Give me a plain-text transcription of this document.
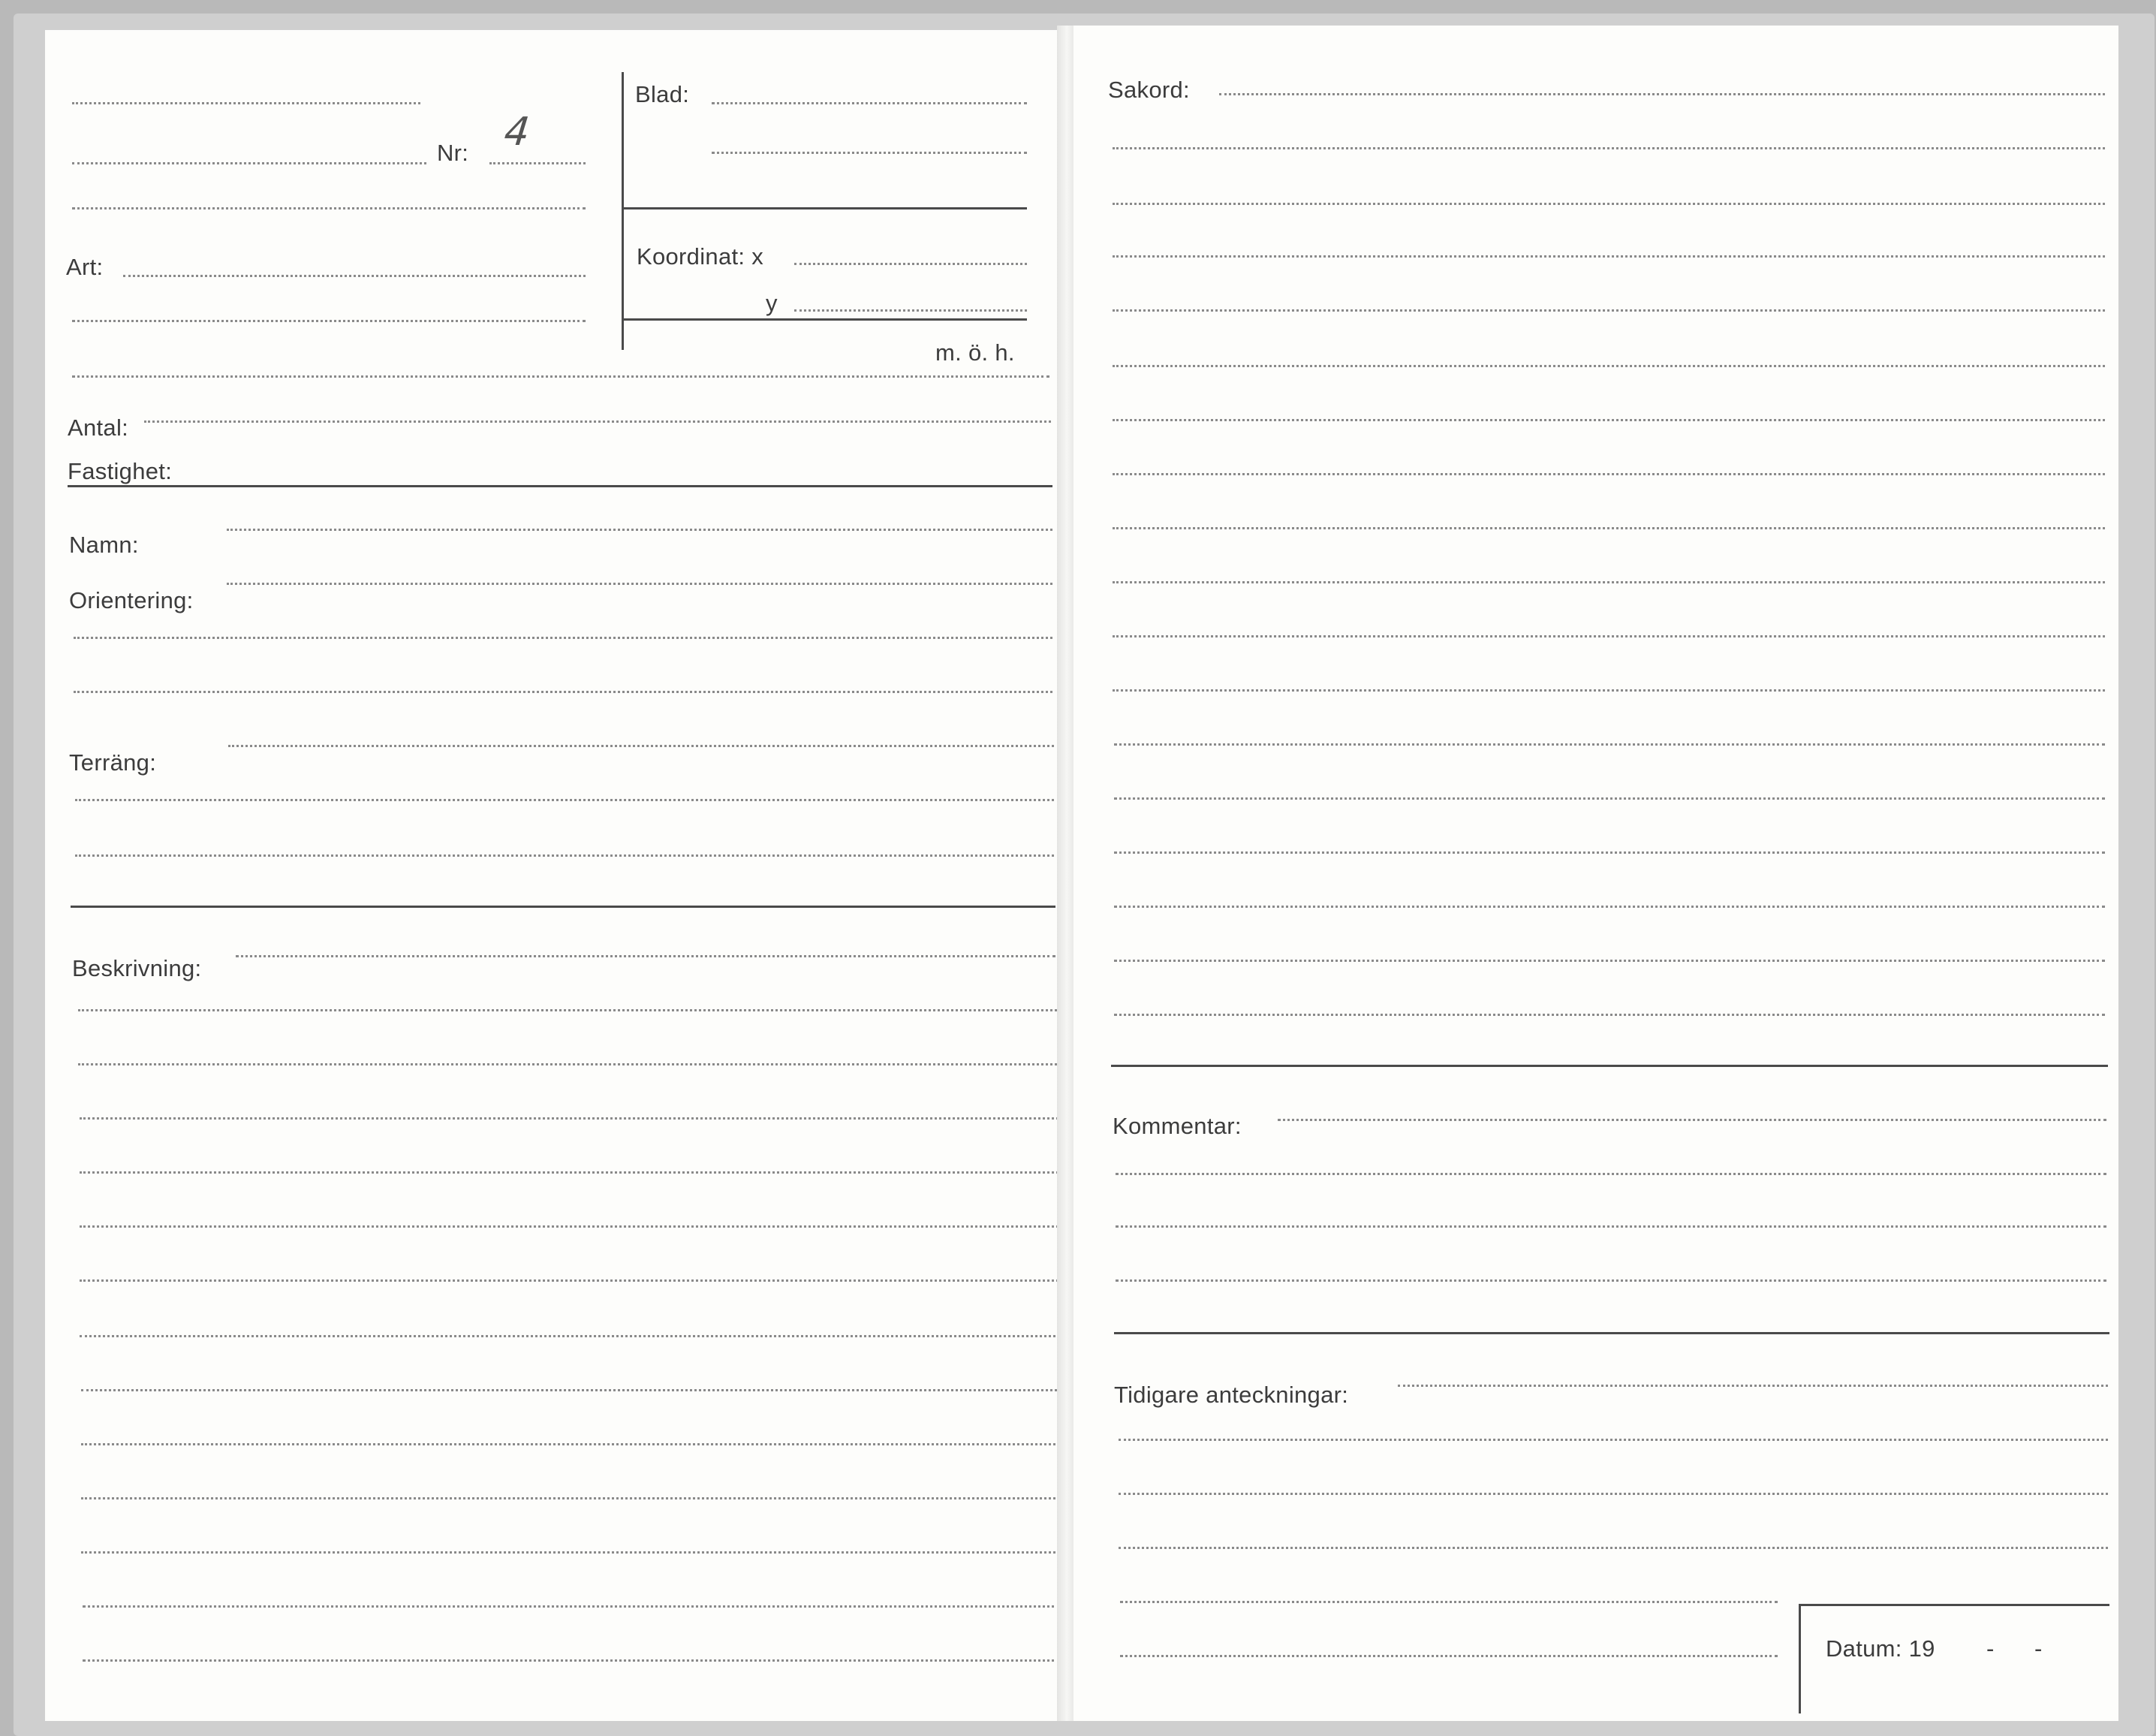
Nr: 4
Art:
Blad:
Koordinat: x
y
m. ö. h.
Antal:
Fastighet:
Namn:
Orientering:
Terräng:
Beskrivning:
Sakord:
Kommentar:
Tidigare anteckningar:
Datum: 19 - -
